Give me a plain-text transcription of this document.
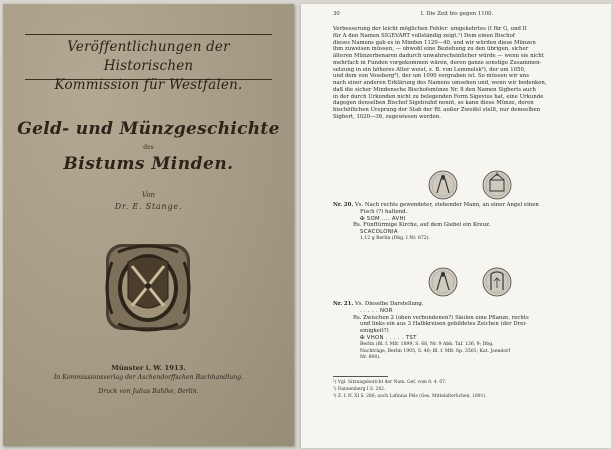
Veröffentlichungen der Historischen
Kommission für Westfalen.
Geld- und Münzgeschichte
des
Bistums Minden.
Von
Dr. E. Stange.
Münster i. W. 1913.
In Kommissionsverlag der Aschendorffschen Buchhandlung.
Druck von Julius Bahlke, Berlin.
30	I. Die Zeit bis gegen 1100.
Verbesserung der leicht möglichen Fehler: umgekehrtes (I für G, und II
für A den Namen SIGEVART vollständig zeigt.¹) Dem einen Bischof
dieses Namens gab es in Minden 1120—40, und wir würden diese Münzen
ihm zuweisen müssen, — obwohl eine Beziehung zu den übrigen, sicher
älteren Münzerbenaren dadurch unwahrscheinlicher würde — wenn sie nicht
mehrfach in Funden vorgekommen wären, deren ganze sonstige Zusammen-
setzung in ein höheres Alter weist, z. B. von Lemmelsk²), der um 1050,
und dem von Vossberg³), der um 1090 vergraben ist. So müssen wir uns
nach einer anderen Erklärung des Namens umsehen und, wenn wir bedenken,
daß die sicher Mindensche Bischofsmünze Nr. 8 den Namen Sigberts auch
in der durch Urkunden nicht zu belegenden Form Sigevius hat, eine Urkunde
dagegen denselben Bischof Sigebrahd nennt, so kann diese Münze, deren
bischöflichen Ursprung der Stab der Rf. außer Zweifel stellt, nur demselben
Sigbert, 1020—36, zugewiesen werden.
Nr. 20. Vs. Nach rechts gewendeter, stehender Mann, an einer Angel einen
Fisch (?) haltend.
✠ SOM .... AVHI
Rs. Fünftürmige Kirche, auf dem Giebel ein Kreuz.
SCACOLONIA
1,12 g Berlin (Dbg. I Nr. 872).
Nr. 21. Vs. Dieselbe Darstellung.
. . . . . NOR
Rs. Zwischen 2 (oben verbundenen?) Säulen eine Pflanze, rechts
und links ein aus 3 Halbkreisen gebildetes Zeichen (der Drei-
einigkeit?)
✠ VHON . . . . . TST
Berlin (Bl. f. Mfr. 1899, S. 68, Nr. 9 Abb. Taf. 136, 9; Dbg.
Nachträge, Berlin 1905, S. 40; Bl. f. Mfr. Sp. 3501; Kat. Jsendorf
Nr. 800).
¹) Vgl. Sitzungsbericht der Num. Gef. vom 8. 4. 07.
²) Dannenberg I S. 282.
³) Z. f. N. XI S. 286; auch Lafinius Pels (Ges. Mittelalterlichen, 1891).
